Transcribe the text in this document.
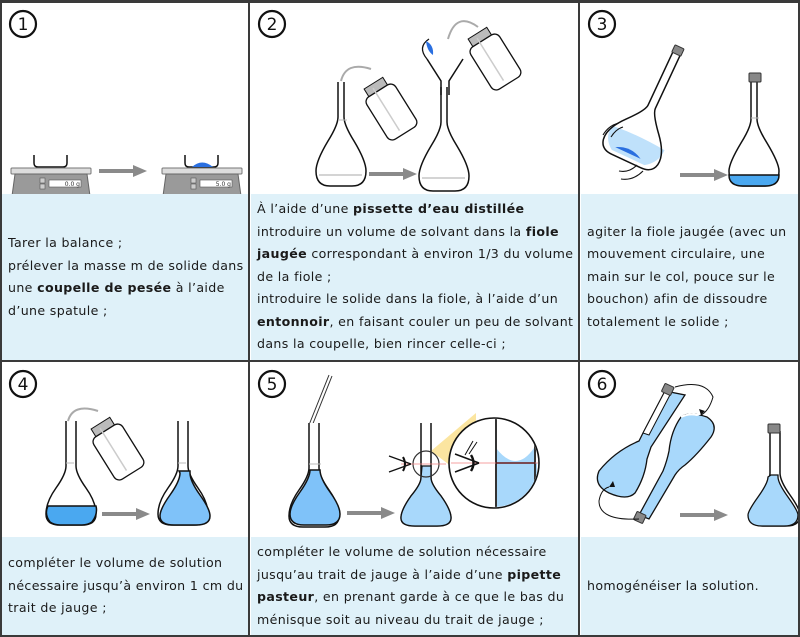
1
0.0 g	5.0 g

Tarer la balance ;
prélever la masse m de solide dans une coupelle de pesée à l’aide d’une spatule ;

2

À l’aide d’une pissette d’eau distillée introduire un volume de solvant dans la fiole jaugée correspondant à environ 1/3 du volume de la fiole ;
introduire le solide dans la fiole, à l’aide d’un entonnoir, en faisant couler un peu de solvant dans la coupelle, bien rincer celle-ci ;

3

agiter la fiole jaugée (avec un mouvement circulaire, une main sur le col, pouce sur le bouchon) afin de dissoudre totalement le solide ;

4

compléter le volume de solution nécessaire jusqu’à environ 1 cm du trait de jauge ;

5

compléter le volume de solution nécessaire jusqu’au trait de jauge à l’aide d’une pipette pasteur, en prenant garde à ce que le bas du ménisque soit au niveau du trait de jauge ;

6

homogénéiser la solution.
